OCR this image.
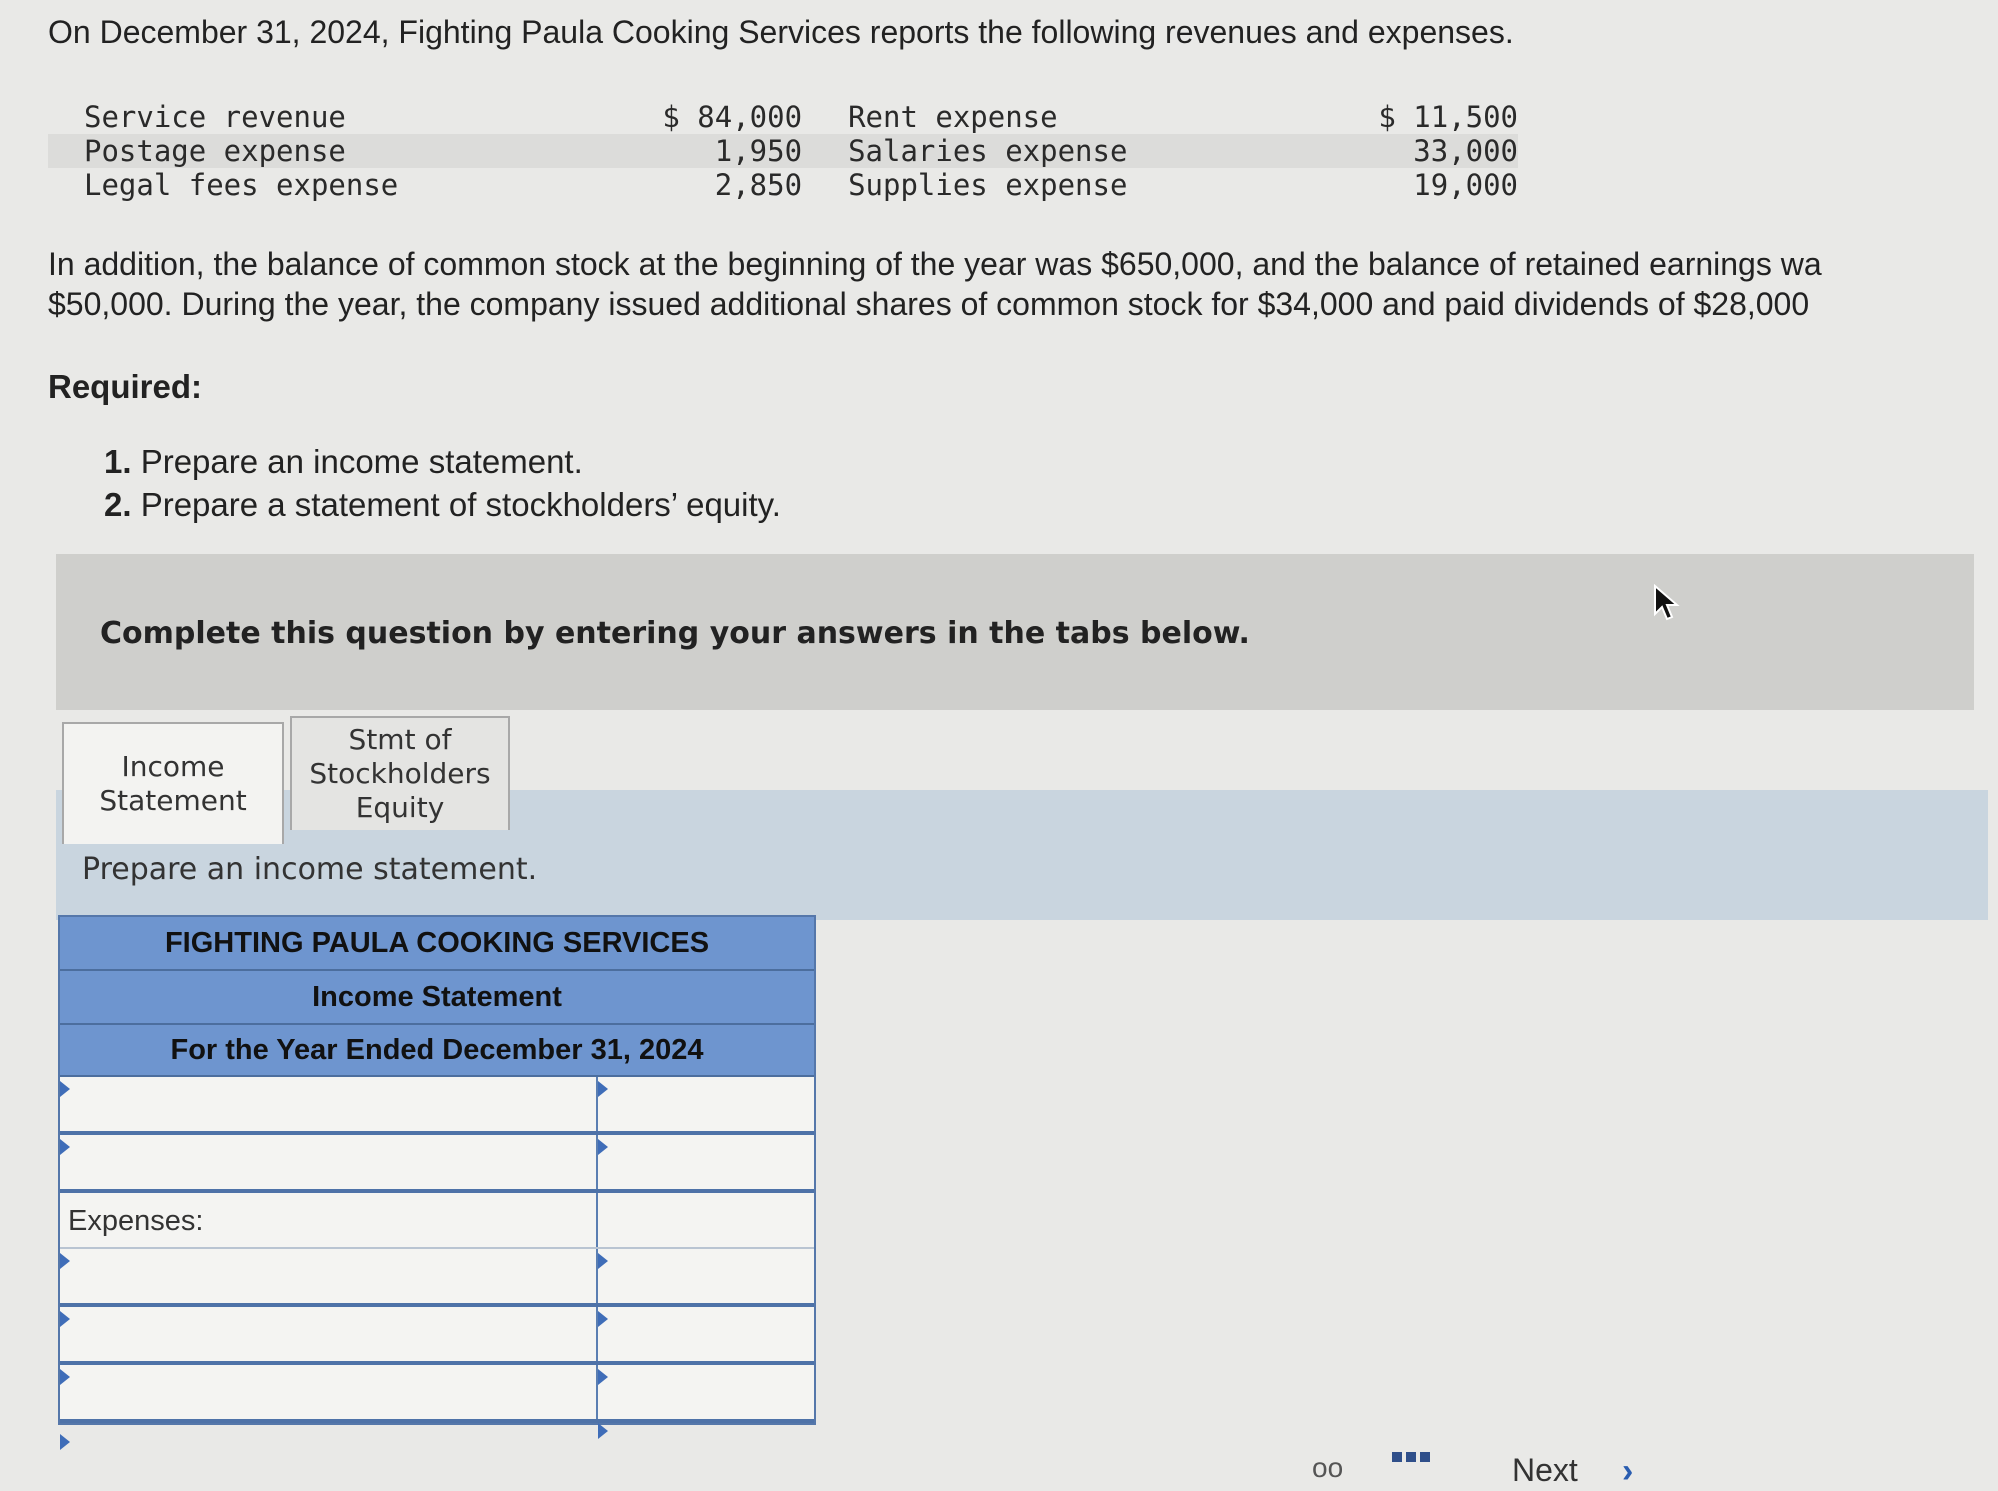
On December 31, 2024, Fighting Paula Cooking Services reports the following revenues and expenses.

Service revenue	$ 84,000	Rent expense	$ 11,500
Postage expense	1,950	Salaries expense	33,000
Legal fees expense	2,850	Supplies expense	19,000
In addition, the balance of common stock at the beginning of the year was $650,000, and the balance of retained earnings wa
$50,000. During the year, the company issued additional shares of common stock for $34,000 and paid dividends of $28,000

Required:

1. Prepare an income statement.
2. Prepare a statement of stockholders’ equity.
Complete this question by entering your answers in the tabs below.
Income
Statement
Stmt of
Stockholders
Equity
Prepare an income statement.
FIGHTING PAULA COOKING SERVICES
Income Statement
For the Year Ended December 31, 2024
Expenses:
oo	Next ›
